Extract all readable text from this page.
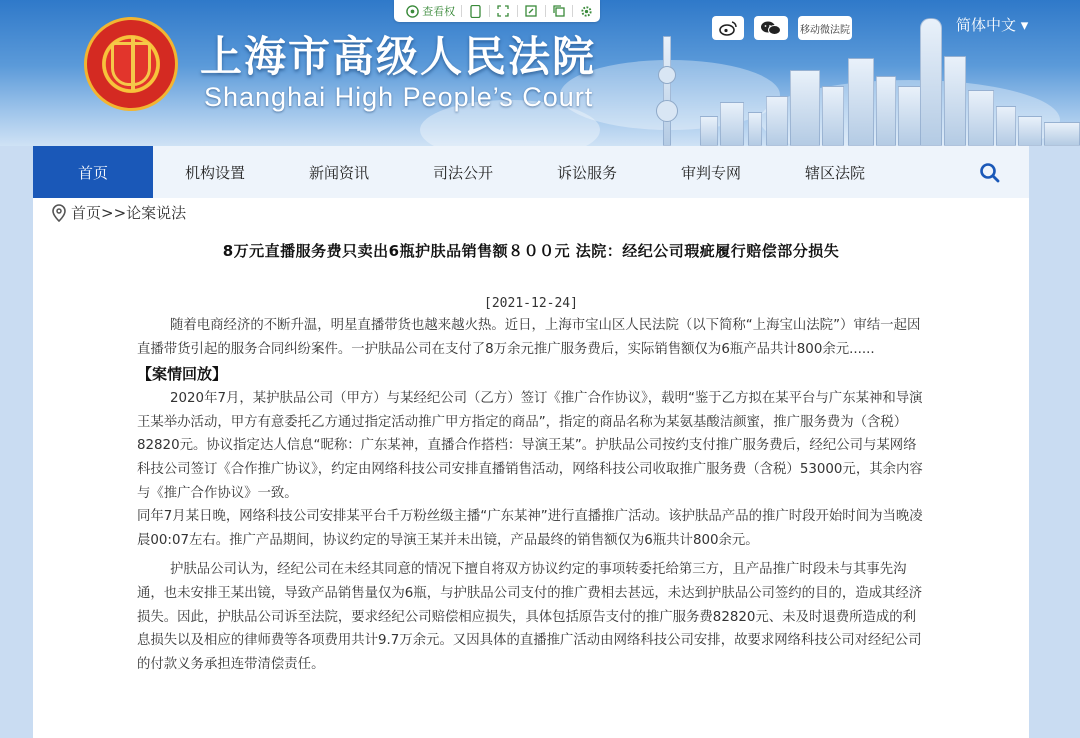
上海市高级人民法院
Shanghai High People’s Court
查看权
移动微法院	简体中文 ▾
首页	机构设置	新闻资讯	司法公开	诉讼服务	审判专网	辖区法院
首页>>论案说法
8万元直播服务费只卖出6瓶护肤品销售额８００元 法院：经纪公司瑕疵履行赔偿部分损失
[2021-12-24]

随着电商经济的不断升温，明星直播带货也越来越火热。近日，上海市宝山区人民法院（以下简称“上海宝山法院”）审结一起因直播带货引起的服务合同纠纷案件。一护肤品公司在支付了8万余元推广服务费后，实际销售额仅为6瓶产品共计800余元......

【案情回放】

2020年7月，某护肤品公司（甲方）与某经纪公司（乙方）签订《推广合作协议》，载明“鉴于乙方拟在某平台与广东某神和导演王某举办活动，甲方有意委托乙方通过指定活动推广甲方指定的商品”，指定的商品名称为某氨基酸洁颜蜜，推广服务费为（含税）82820元。协议指定达人信息“昵称：广东某神，直播合作搭档：导演王某”。护肤品公司按约支付推广服务费后，经纪公司与某网络科技公司签订《合作推广协议》，约定由网络科技公司安排直播销售活动，网络科技公司收取推广服务费（含税）53000元，其余内容与《推广合作协议》一致。

同年7月某日晚，网络科技公司安排某平台千万粉丝级主播“广东某神”进行直播推广活动。该护肤品产品的推广时段开始时间为当晚凌晨00:07左右。推广产品期间，协议约定的导演王某并未出镜，产品最终的销售额仅为6瓶共计800余元。

护肤品公司认为，经纪公司在未经其同意的情况下擅自将双方协议约定的事项转委托给第三方，且产品推广时段未与其事先沟通，也未安排王某出镜，导致产品销售量仅为6瓶，与护肤品公司支付的推广费相去甚远，未达到护肤品公司签约的目的，造成其经济损失。因此，护肤品公司诉至法院，要求经纪公司赔偿相应损失，具体包括原告支付的推广服务费82820元、未及时退费所造成的利息损失以及相应的律师费等各项费用共计9.7万余元。又因具体的直播推广活动由网络科技公司安排，故要求网络科技公司对经纪公司的付款义务承担连带清偿责任。
